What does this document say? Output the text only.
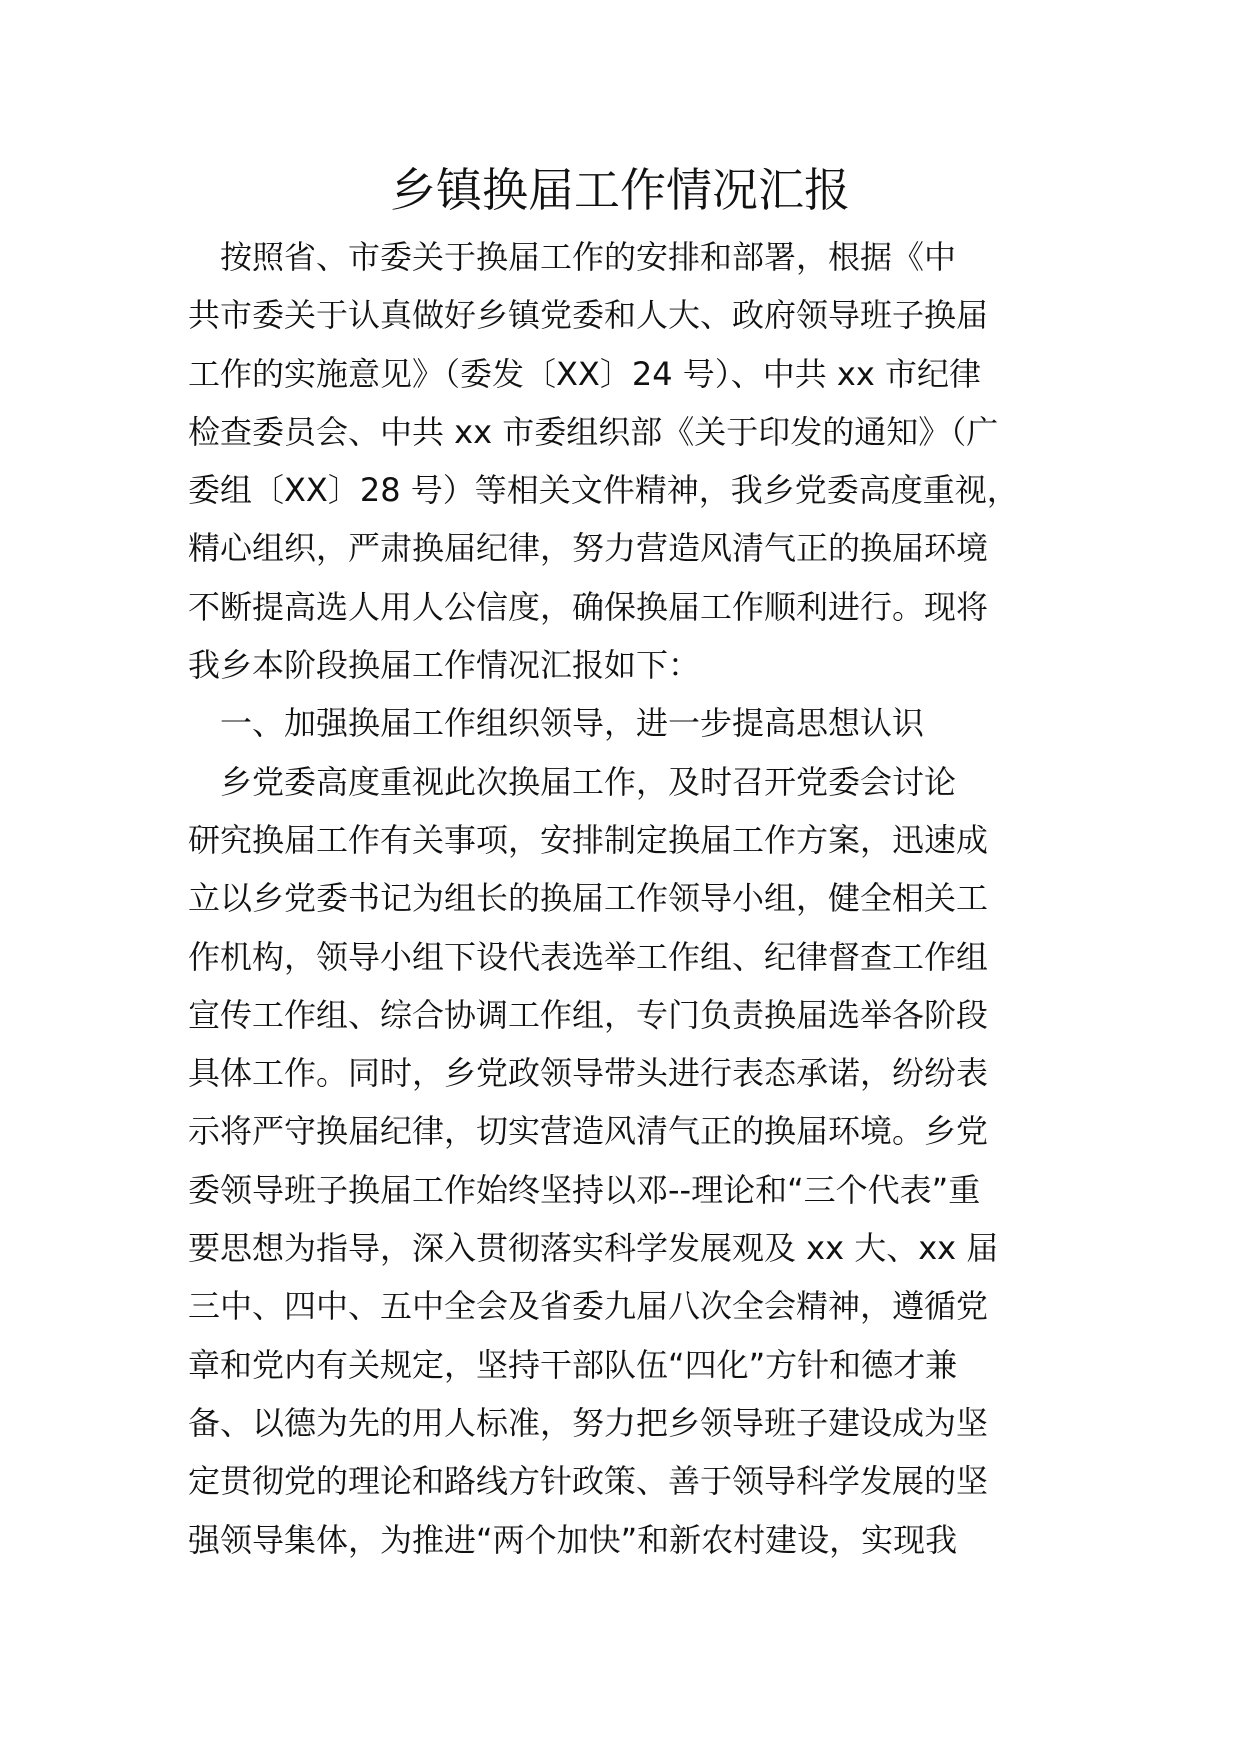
乡镇换届工作情况汇报
　按照省、市委关于换届工作的安排和部署，根据《中
共市委关于认真做好乡镇党委和人大、政府领导班子换届
工作的实施意见》（委发〔XX〕24 号）、中共 xx 市纪律
检查委员会、中共 xx 市委组织部《关于印发的通知》（广
委组〔XX〕28 号）等相关文件精神，我乡党委高度重视，
精心组织，严肃换届纪律，努力营造风清气正的换届环境
不断提高选人用人公信度，确保换届工作顺利进行。现将
我乡本阶段换届工作情况汇报如下：
　一、加强换届工作组织领导，进一步提高思想认识
　乡党委高度重视此次换届工作，及时召开党委会讨论
研究换届工作有关事项，安排制定换届工作方案，迅速成
立以乡党委书记为组长的换届工作领导小组，健全相关工
作机构，领导小组下设代表选举工作组、纪律督查工作组
宣传工作组、综合协调工作组，专门负责换届选举各阶段
具体工作。同时，乡党政领导带头进行表态承诺，纷纷表
示将严守换届纪律，切实营造风清气正的换届环境。乡党
委领导班子换届工作始终坚持以邓--理论和“三个代表”重
要思想为指导，深入贯彻落实科学发展观及 xx 大、xx 届
三中、四中、五中全会及省委九届八次全会精神，遵循党
章和党内有关规定，坚持干部队伍“四化”方针和德才兼
备、以德为先的用人标准，努力把乡领导班子建设成为坚
定贯彻党的理论和路线方针政策、善于领导科学发展的坚
强领导集体，为推进“两个加快”和新农村建设，实现我
